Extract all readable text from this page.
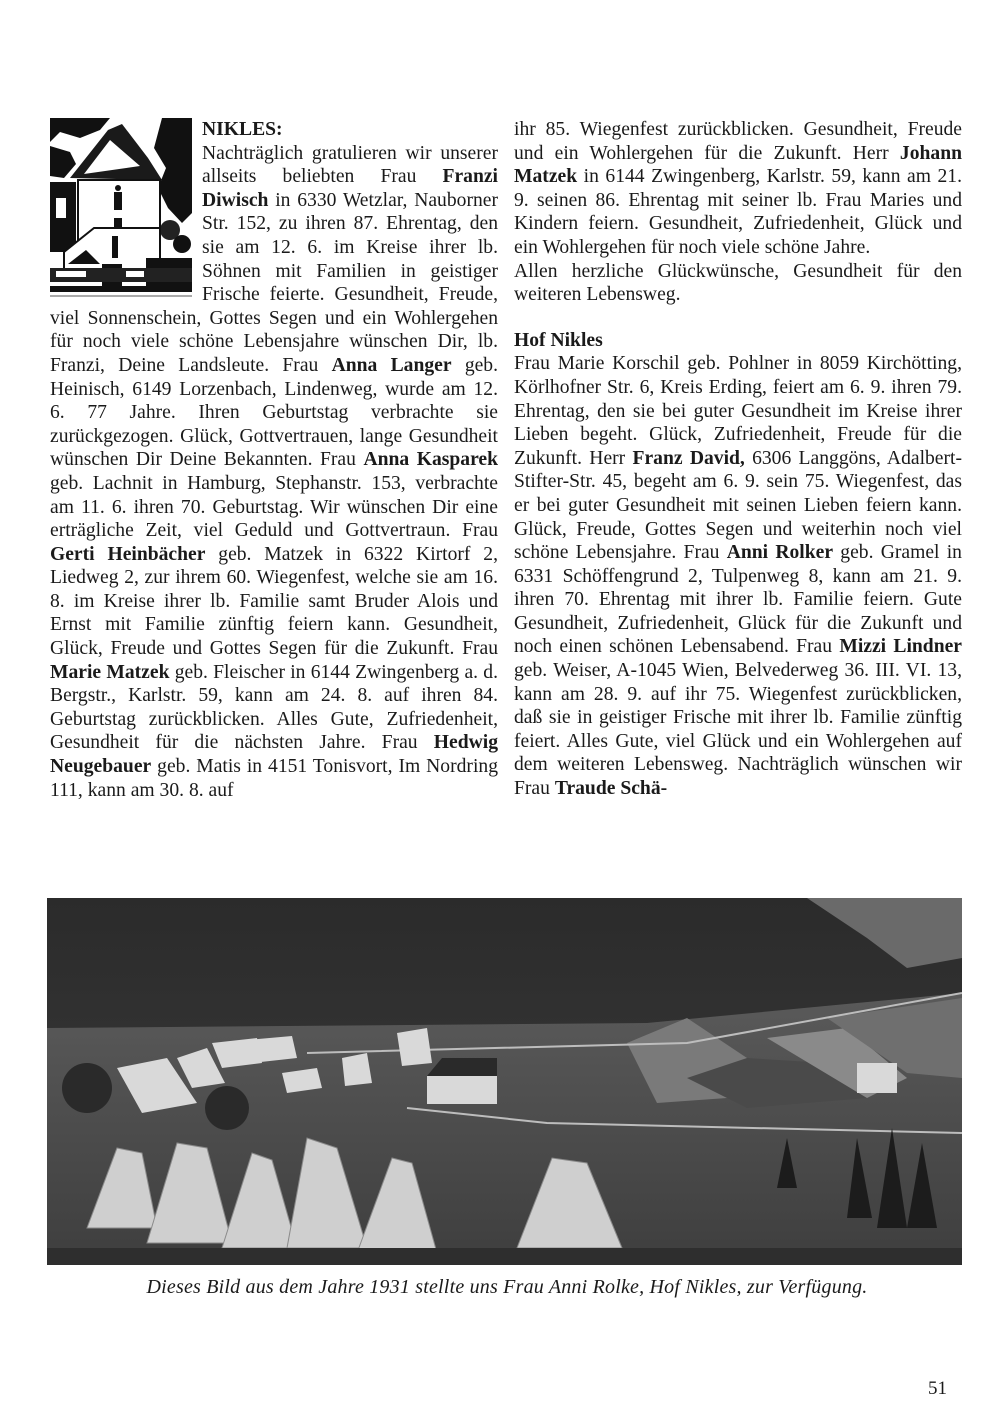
NIKLES:
Nachträglich gratulieren wir unserer allseits beliebten Frau Franzi Diwisch in 6330 Wetzlar, Nauborner Str. 152, zu ihren 87. Ehrentag, den sie am 12. 6. im Kreise ihrer lb. Söhnen mit Familien in geistiger Frische feierte. Gesundheit, Freude, viel Sonnenschein, Gottes Segen und ein Wohlergehen für noch viele schöne Lebensjahre wünschen Dir, lb. Franzi, Deine Landsleute. Frau Anna Langer geb. Heinisch, 6149 Lorzenbach, Lindenweg, wurde am 12. 6. 77 Jahre. Ihren Geburtstag verbrachte sie zurückgezogen. Glück, Gottvertrauen, lange Gesundheit wünschen Dir Deine Bekannten. Frau Anna Kasparek geb. Lachnit in Hamburg, Stephanstr. 153, verbrachte am 11. 6. ihren 70. Geburtstag. Wir wünschen Dir eine erträgliche Zeit, viel Geduld und Gottvertraun. Frau Gerti Heinbächer geb. Matzek in 6322 Kirtorf 2, Liedweg 2, zur ihrem 60. Wiegenfest, welche sie am 16. 8. im Kreise ihrer lb. Familie samt Bruder Alois und Ernst mit Familie zünftig feiern kann. Gesundheit, Glück, Freude und Gottes Segen für die Zukunft. Frau Marie Matzek geb. Fleischer in 6144 Zwingenberg a. d. Bergstr., Karlstr. 59, kann am 24. 8. auf ihren 84. Geburtstag zurückblicken. Alles Gute, Zufriedenheit, Gesundheit für die nächsten Jahre. Frau Hedwig Neugebauer geb. Matis in 4151 Tonisvort, Im Nordring 111, kann am 30. 8. auf

ihr 85. Wiegenfest zurückblicken. Gesundheit, Freude und ein Wohlergehen für die Zukunft. Herr Johann Matzek in 6144 Zwingenberg, Karlstr. 59, kann am 21. 9. seinen 86. Ehrentag mit seiner lb. Frau Maries und Kindern feiern. Gesundheit, Zufriedenheit, Glück und ein Wohlergehen für noch viele schöne Jahre.

Allen herzliche Glückwünsche, Gesundheit für den weiteren Lebensweg.

Hof Nikles

Frau Marie Korschil geb. Pohlner in 8059 Kirchötting, Körlhofner Str. 6, Kreis Erding, feiert am 6. 9. ihren 79. Ehrentag, den sie bei guter Gesundheit im Kreise ihrer Lieben begeht. Glück, Zufriedenheit, Freude für die Zukunft. Herr Franz David, 6306 Langgöns, Adalbert-Stifter-Str. 45, begeht am 6. 9. sein 75. Wiegenfest, das er bei guter Gesundheit mit seinen Lieben feiern kann. Glück, Freude, Gottes Segen und weiterhin noch viel schöne Lebensjahre. Frau Anni Rolker geb. Gramel in 6331 Schöffengrund 2, Tulpenweg 8, kann am 21. 9. ihren 70. Ehrentag mit ihrer lb. Familie feiern. Gute Gesundheit, Zufriedenheit, Glück für die Zukunft und noch einen schönen Lebensabend. Frau Mizzi Lindner geb. Weiser, A-1045 Wien, Belvederweg 36. III. VI. 13, kann am 28. 9. auf ihr 75. Wiegenfest zurückblicken, daß sie in geistiger Frische mit ihrer lb. Familie zünftig feiert. Alles Gute, viel Glück und ein Wohlergehen auf dem weiteren Lebensweg. Nachträglich wünschen wir Frau Traude Schä-

Dieses Bild aus dem Jahre 1931 stellte uns Frau Anni Rolke, Hof Nikles, zur Verfügung.
51
